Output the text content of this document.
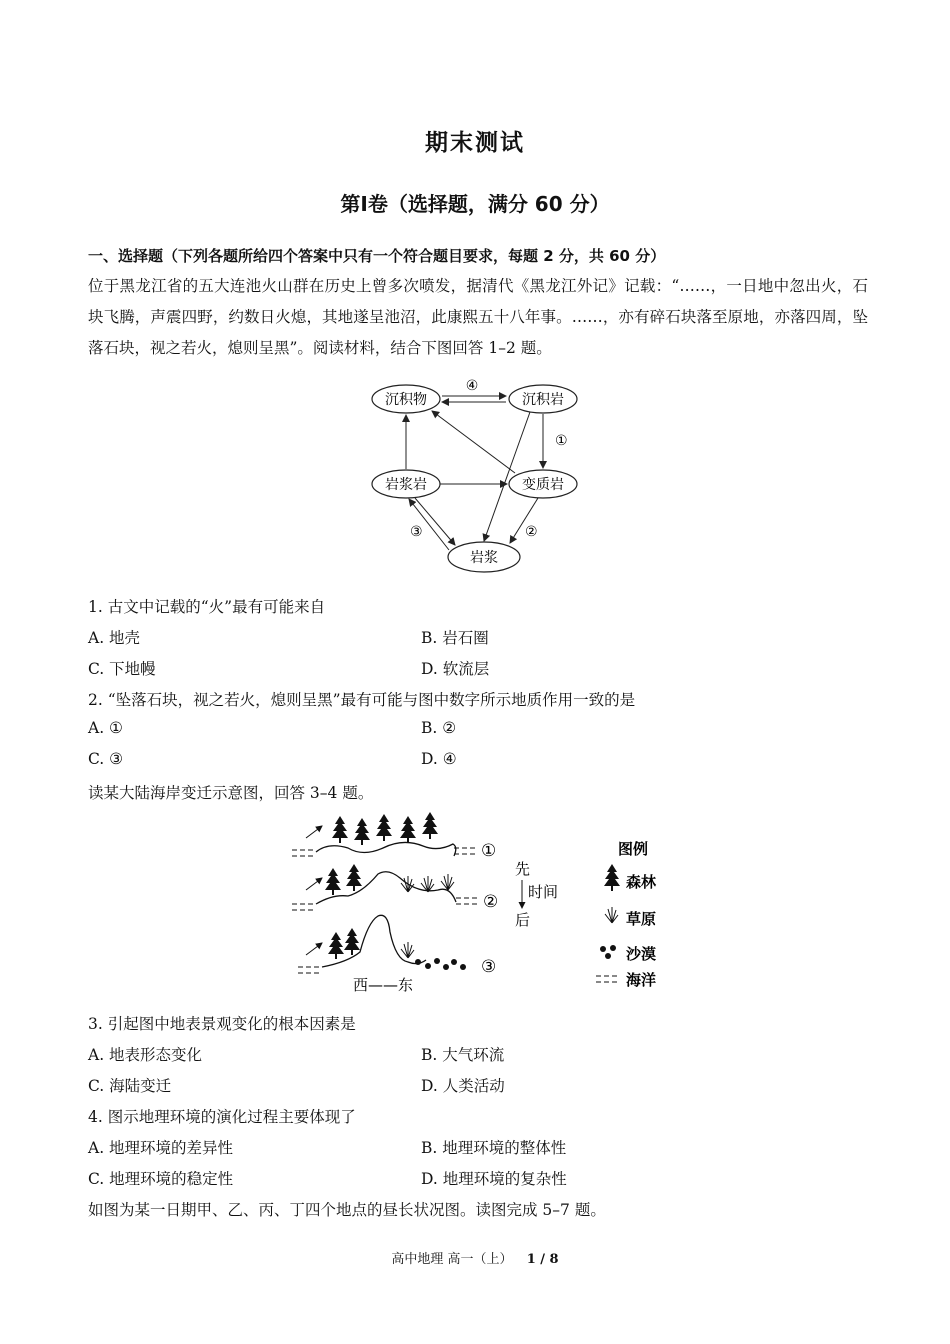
期末测试
第Ⅰ卷（选择题，满分 60 分）
一、选择题（下列各题所给四个答案中只有一个符合题目要求，每题 2 分，共 60 分）
位于黑龙江省的五大连池火山群在历史上曾多次喷发，据清代《黑龙江外记》记载：“……，一日地中忽出火，石块飞腾，声震四野，约数日火熄，其地遂呈池沼，此康熙五十八年事。……，亦有碎石块落至原地，亦落四周，坠落石块，视之若火，熄则呈黑”。阅读材料，结合下图回答 1–2 题。
沉积物	沉积岩
岩浆岩	变质岩
岩浆
④
①
③	②
1. 古文中记载的“火”最有可能来自
A. 地壳	B. 岩石圈
C. 下地幔	D. 软流层
2. “坠落石块，视之若火，熄则呈黑”最有可能与图中数字所示地质作用一致的是
A. ①	B. ②
C. ③	D. ④
读某大陆海岸变迁示意图，回答 3–4 题。
①
②
③
西——东
先
时间
后
图例
森林
草原
沙漠
海洋
3. 引起图中地表景观变化的根本因素是
A. 地表形态变化	B. 大气环流
C. 海陆变迁	D. 人类活动
4. 图示地理环境的演化过程主要体现了
A. 地理环境的差异性	B. 地理环境的整体性
C. 地理环境的稳定性	D. 地理环境的复杂性
如图为某一日期甲、乙、丙、丁四个地点的昼长状况图。读图完成 5–7 题。
高中地理 高一（上） 1 / 8
